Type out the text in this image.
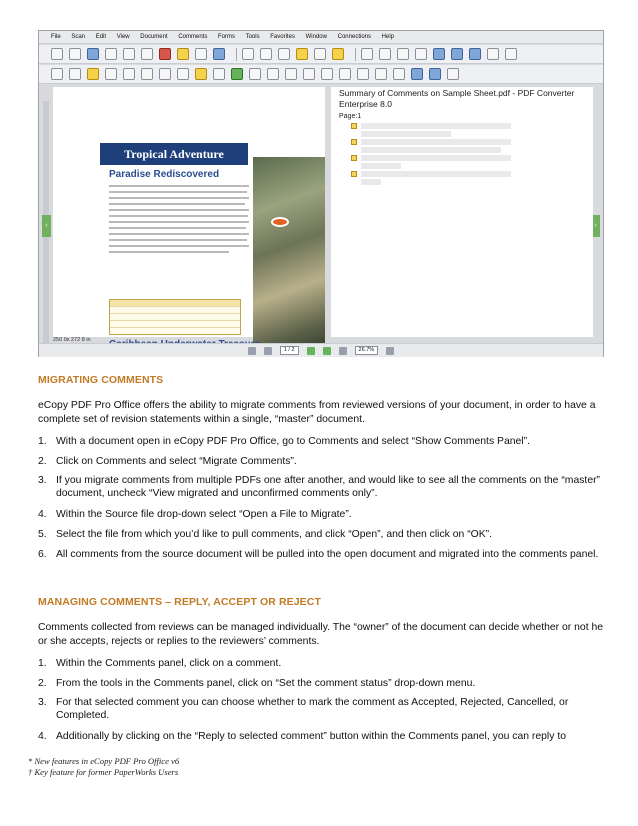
File Scan Edit View Document Comments Forms Tools Favorites Window Connections Help
‹	›
Tropical Adventure
Paradise Rediscovered
Summary of Comments on Sample Sheet.pdf - PDF Converter Enterprise 8.0
Page:1
250 0x 272 8 in
1 / 2	26.7%
MIGRATING COMMENTS
eCopy PDF Pro Office offers the ability to migrate comments from reviewed versions of your document, in order to have a complete set of revision statements within a single, “master” document.
1. With a document open in eCopy PDF Pro Office, go to Comments and select “Show Comments Panel”.
2. Click on Comments and select “Migrate Comments”.
3. If you migrate comments from multiple PDFs one after another, and would like to see all the comments on the “master” document, uncheck “View migrated and unconfirmed comments only”.
4. Within the Source file drop-down select “Open a File to Migrate”.
5. Select the file from which you’d like to pull comments, and click “Open”, and then click on “OK”.
6. All comments from the source document will be pulled into the open document and migrated into the comments panel.
MANAGING COMMENTS – REPLY, ACCEPT OR REJECT
Comments collected from reviews can be managed individually. The “owner” of the document can decide whether or not he or she accepts, rejects or replies to the reviewers’ comments.
1. Within the Comments panel, click on a comment.
2. From the tools in the Comments panel, click on “Set the comment status” drop-down menu.
3. For that selected comment you can choose whether to mark the comment as Accepted, Rejected, Cancelled, or Completed.
4. Additionally by clicking on the “Reply to selected comment” button within the Comments panel, you can reply to
* New features in eCopy PDF Pro Office v6
† Key feature for former PaperWorks Users
